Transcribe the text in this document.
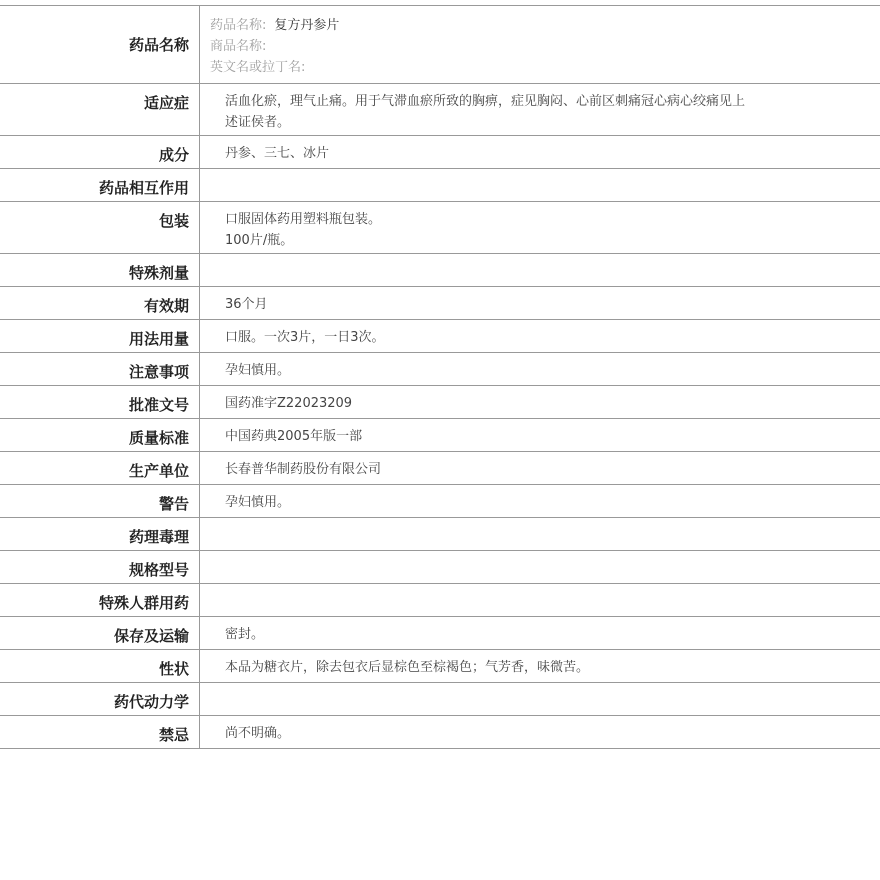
药品名称
药品名称: 复方丹参片
商品名称:
英文名或拉丁名:
适应症	活血化瘀，理气止痛。用于气滞血瘀所致的胸痹，症见胸闷、心前区刺痛冠心病心绞痛见上
述证侯者。
成分	丹参、三七、冰片
药品相互作用
包装	口服固体药用塑料瓶包装。
100片/瓶。
特殊剂量
有效期	36个月
用法用量	口服。一次3片，一日3次。
注意事项	孕妇慎用。
批准文号	国药准字Z22023209
质量标准	中国药典2005年版一部
生产单位	长春普华制药股份有限公司
警告	孕妇慎用。
药理毒理
规格型号
特殊人群用药
保存及运输	密封。
性状	本品为糖衣片，除去包衣后显棕色至棕褐色；气芳香，味微苦。
药代动力学
禁忌	尚不明确。
